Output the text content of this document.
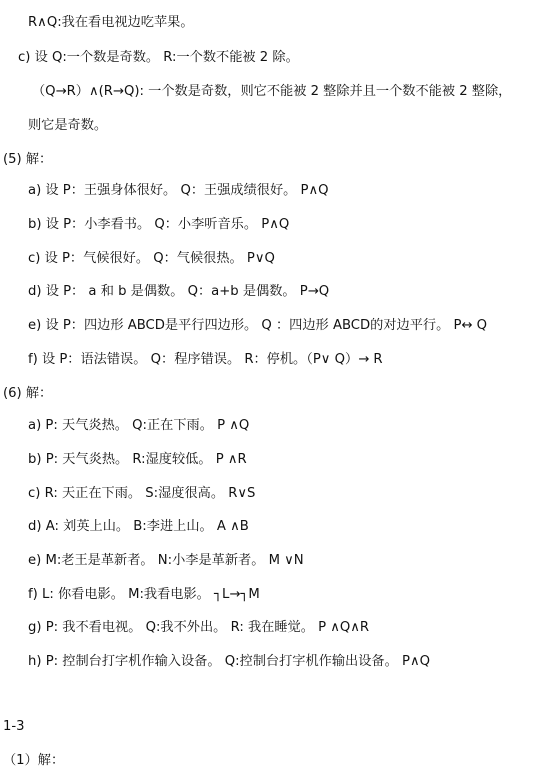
R∧Q:我在看电视边吃苹果。
c) 设 Q:一个数是奇数。 R:一个数不能被 2 除。
（Q→R）∧(R→Q): 一个数是奇数，则它不能被 2 整除并且一个数不能被 2 整除，
则它是奇数。
(5) 解：
a) 设 P：王强身体很好。 Q：王强成绩很好。 P∧Q
b) 设 P：小李看书。 Q：小李听音乐。 P∧Q
c) 设 P：气候很好。 Q：气候很热。 P∨Q
d) 设 P： a 和 b 是偶数。 Q：a+b 是偶数。 P→Q
e) 设 P：四边形 ABCD是平行四边形。 Q ：四边形 ABCD的对边平行。 P↔ Q
f) 设 P：语法错误。 Q：程序错误。 R：停机。（P∨ Q）→ R
(6) 解：
a) P: 天气炎热。 Q:正在下雨。 P ∧Q
b) P: 天气炎热。 R:湿度较低。 P ∧R
c) R: 天正在下雨。 S:湿度很高。 R∨S
d) A: 刘英上山。 B:李进上山。 A ∧B
e) M:老王是革新者。 N:小李是革新者。 M ∨N
f) L: 你看电影。 M:我看电影。 ┐L→┐M
g) P: 我不看电视。 Q:我不外出。 R: 我在睡觉。 P ∧Q∧R
h) P: 控制台打字机作输入设备。 Q:控制台打字机作输出设备。 P∧Q
1-3
（1）解：
